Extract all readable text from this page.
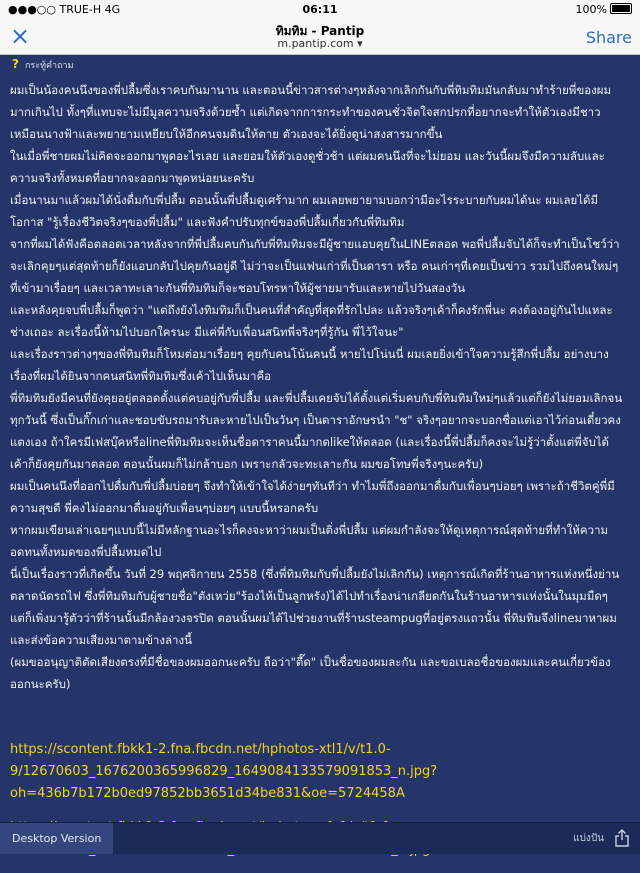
●●●○○ TRUE-H 4G	06:11	100%
×	ทิมทิม - Pantip
m.pantip.com ▾	Share
? กระทู้คำถาม

ผมเป็นน้องคนนึงของพี่ปลื้มซึ่งเราคบกันมานาน และตอนนี้ข่าวสารต่างๆหลังจากเลิกกันกับพี่ทิมทิมมันกลับมาทำร้ายพี่ของผมมากเกินไป ทั้งๆที่แทบจะไม่มีมูลความจริงด้วยซ้ำ แต่เกิดจากการกระทำของคนชั่วจิตใจสกปรกที่อยากจะทำให้ตัวเองมีชาวเหมือนนางฟ้าและพยายามเหยียบให้อีกคนจมดินให้ตาย ตัวเองจะได้ยิ่งดูน่าสงสารมากขึ้น

ในเมื่อพี่ชายผมไม่คิดจะออกมาพูดอะไรเลย และยอมให้ตัวเองดูชั่วช้า แต่ผมคนนึงที่จะไม่ยอม และวันนี้ผมจึงมีความลับและความจริงทั้งหมดที่อยากจะออกมาพูดหน่อยนะครับ

เมื่อนานมาแล้วผมได้นั่งดื่มกับพี่ปลื้ม ตอนนั้นพี่ปลื้มดูเศร้ามาก ผมเลยพยายามบอกว่ามีอะไรระบายกับผมได้นะ ผมเลยได้มีโอกาส "รู้เรื่องชีวิตจริงๆของพี่ปลื้ม" และฟังคำปรับทุกข์ของพี่ปลื้มเกี่ยวกับพี่ทิมทิม

จากที่ผมได้ฟังคือตลอดเวลาหลังจากที่พี่ปลื้มคบกันกับพี่ทิมทิมจะมีผู้ชายแอบคุยในLINEตลอด พอพี่ปลื้มจับได้ก็จะทำเป็นโชว์ว่าจะเลิกคุยๆแต่สุดท้ายก็ยังแอบกลับไปคุยกันอยู่ดี ไม่ว่าจะเป็นแฟนเก่าที่เป็นดารา หรือ คนเก่าๆที่เคยเป็นข่าว รวมไปถึงคนใหม่ๆที่เข้ามาเรื่อยๆ และเวลาทะเลาะกันพี่ทิมทิมก็จะชอบโทรหาให้ผู้ชายมารับและหายไปวันสองวัน

และหลังคุยจบพี่ปลื้มก็พูดว่า "แต่ถึงยังไงทิมทิมก็เป็นคนที่สำคัญที่สุดที่รักไปละ แล้วจริงๆเค้าก็คงรักพี่นะ คงต้องอยู่กันไปแหละช่างเถอะ ละเรื่องนี้ห้ามไปบอกใครนะ มีแค่พี่กับเพื่อนสนิทพี่จริงๆที่รู้กัน พี่ไว้ใจนะ"

และเรื่องราวต่างๆของพี่ทิมทิมก็โหมต่อมาเรื่อยๆ คุยกับคนโน้นคนนี้ หายไปโน่นนี่ ผมเลยยิ่งเข้าใจความรู้สึกพี่ปลื้ม อย่างบางเรื่องที่ผมได้ยินจากคนสนิทพี่ทิมทิมซึ่งเค้าไปเห็นมาคือ

พี่ทิมทิมยังมีคนที่ยังคุยอยู่ตลอดตั้งแต่คบอยู่กับพี่ปลื้ม และพี่ปลื้มเคยจับได้ตั้งแต่เริ่มคบกับพี่ทิมทิมใหม่ๆแล้วแต่ก็ยังไม่ยอมเลิกจนทุกวันนี้ ซึ่งเป็นกิ๊กเก่าและชอบขับรถมารับละหายไปเป็นวันๆ เป็นดาราอักษรนำ "ช" จริงๆอยากจะบอกชื่อแต่เอาไว้ก่อนเดี๋ยวคงแตงเอง ถ้าใครมีเฟสบุ๊คหรือlineพี่ทิมทิมจะเห็นชื่อดาราคนนี้มากดlikeให้ตลอด (และเรื่องนี้พี่ปลื้มก็คงจะไม่รู้ว่าตั้งแต่พี่จับได้เค้าก็ยังคุยกันมาตลอด ตอนนั้นผมก็ไม่กล้าบอก เพราะกลัวจะทะเลาะกัน ผมขอโทษพี่จริงๆนะครับ)

ผมเป็นคนนึงที่ออกไปดื่มกับพี่ปลื้มบ่อยๆ จึงทำให้เข้าใจได้ง่ายๆทันทีว่า ทำไมพี่ถึงออกมาดื่มกับเพื่อนๆบ่อยๆ เพราะถ้าชีวิตคู่พี่มีความสุขดี พี่คงไม่ออกมาดื่มอยู่กับเพื่อนๆบ่อยๆ แบบนี้หรอกครับ

หากผมเขียนเล่าเฉยๆแบบนี้ไม่มีหลักฐานอะไรก็คงจะหาว่าผมเป็นติ่งพี่ปลื้ม แต่ผมกำลังจะให้ดูเหตุการณ์สุดท้ายที่ทำให้ความอดทนทั้งหมดของพี่ปลื้มหมดไป

นี่เป็นเรื่องราวที่เกิดขึ้น วันที่ 29 พฤศจิกายน 2558 (ซึ่งพี่ทิมทิมกับพี่ปลื้มยังไม่เลิกกัน) เหตุการณ์เกิดที่ร้านอาหารแห่งหนึ่งย่านตลาดนัดรถไฟ ซึ่งพี่ทิมทิมกับผู้ชายชื่อ"ตังเหว่ย"ร้องไห้เป็นลูกหรัง)ได้ไปทำเรื่องน่าเกลียดกันในร้านอาหารแห่งนั้นในมุมมืดๆ แต่ก็เพิ่งมารู้ตัวว่าที่ร้านนั้นมีกล้องวงจรปิด ตอนนั้นผมได้ไปช่วยงานที่ร้านsteampugที่อยู่ตรงแถวนั้น พี่ทิมทิมจึงlineมาหาผมและส่งข้อความเสียงมาตามข้างล่างนี้

(ผมขออนุญาติตัดเสียงตรงที่มีชื่อของผมออกนะครับ ถือว่า"ตี๊ด" เป็นชื่อของผมละกัน และขอเบลอชื่อของผมและคนเกี่ยวข้องออกนะครับ)

https://scontent.fbkk1-2.fna.fbcdn.net/hphotos-xtl1/v/t1.0-9/12670603_1676200365996829_1649084133579091853_n.jpg?oh=436b7b172b0ed97852bb3651d34be831&oe=5724458A

Desktop Version	แบ่งปัน
